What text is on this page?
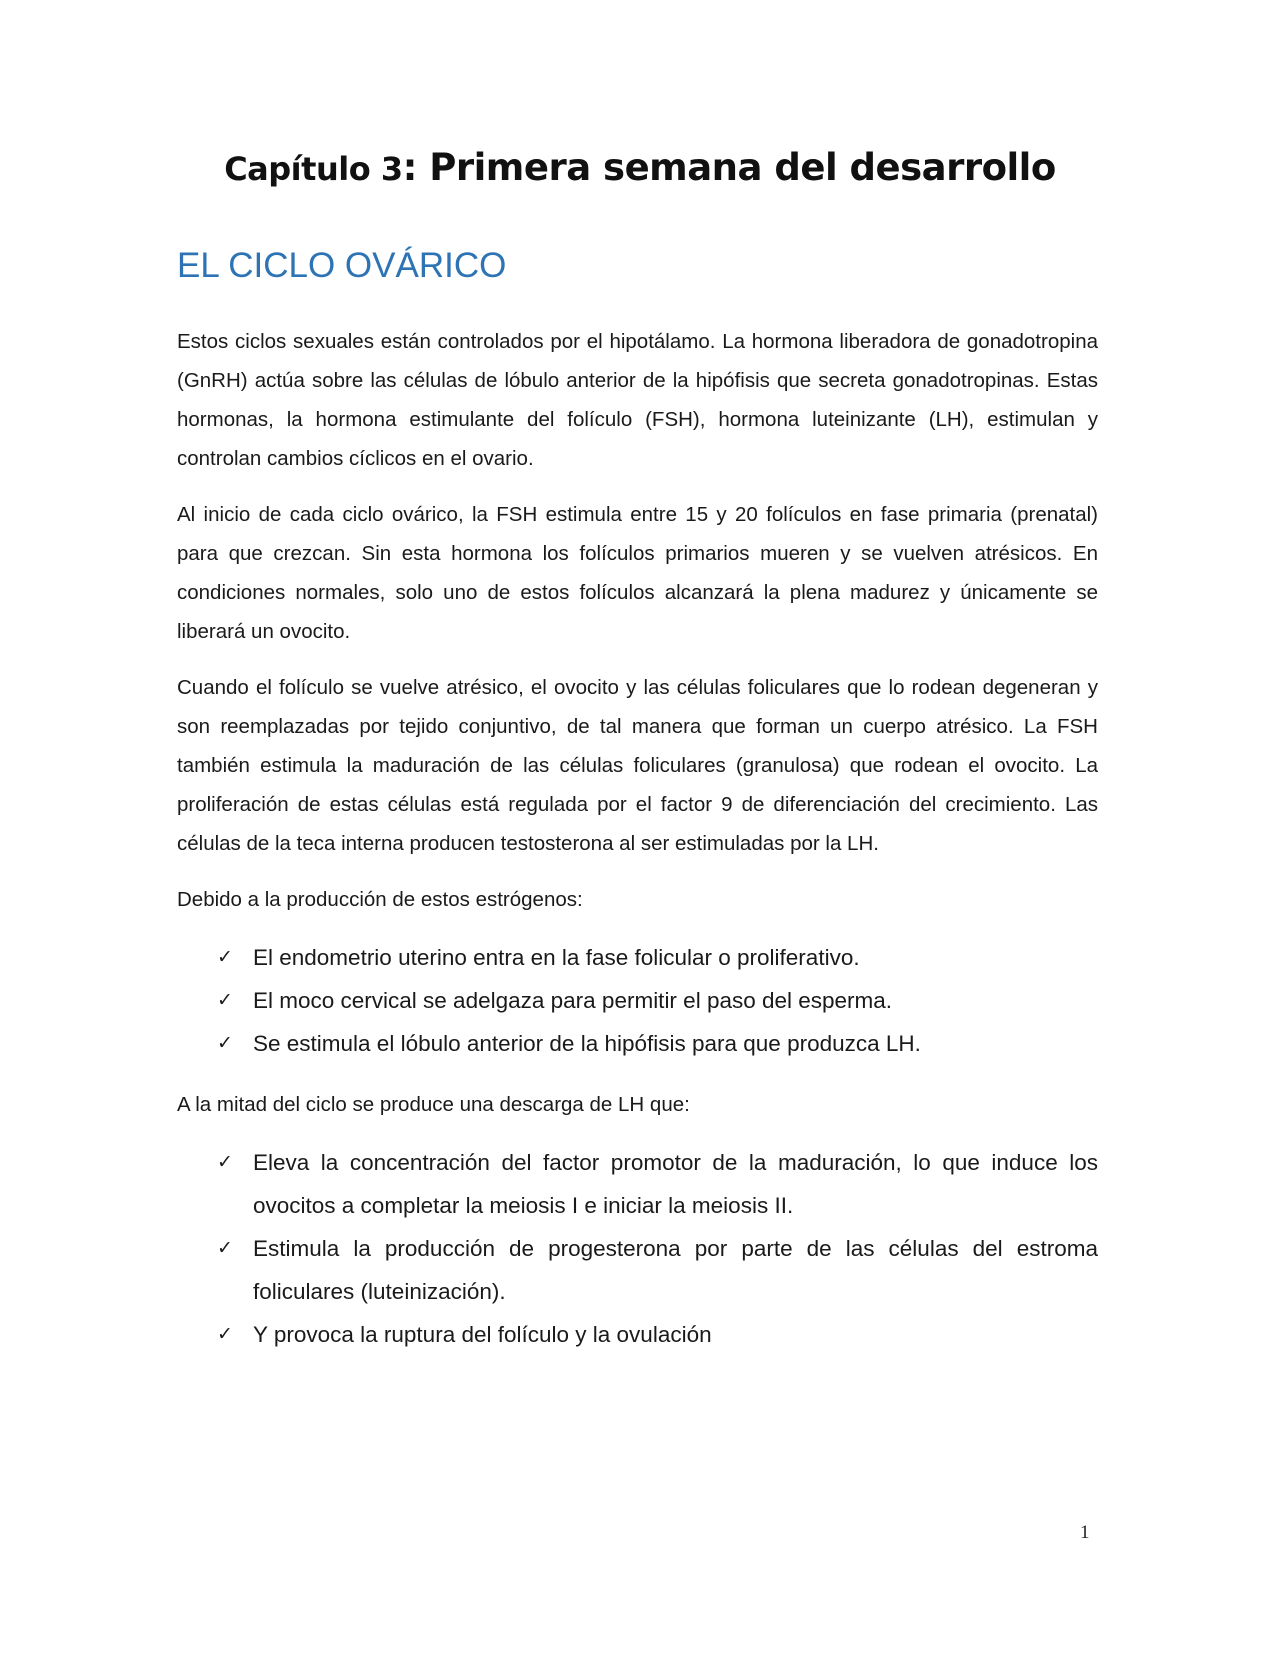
Capítulo 3: Primera semana del desarrollo
EL CICLO OVÁRICO

Estos ciclos sexuales están controlados por el hipotálamo. La hormona liberadora de gonadotropina (GnRH) actúa sobre las células de lóbulo anterior de la hipófisis que secreta gonadotropinas. Estas hormonas, la hormona estimulante del folículo (FSH), hormona luteinizante (LH), estimulan y controlan cambios cíclicos en el ovario.

Al inicio de cada ciclo ovárico, la FSH estimula entre 15 y 20 folículos en fase primaria (prenatal) para que crezcan. Sin esta hormona los folículos primarios mueren y se vuelven atrésicos. En condiciones normales, solo uno de estos folículos alcanzará la plena madurez y únicamente se liberará un ovocito.

Cuando el folículo se vuelve atrésico, el ovocito y las células foliculares que lo rodean degeneran y son reemplazadas por tejido conjuntivo, de tal manera que forman un cuerpo atrésico. La FSH también estimula la maduración de las células foliculares (granulosa) que rodean el ovocito. La proliferación de estas células está regulada por el factor 9 de diferenciación del crecimiento. Las células de la teca interna producen testosterona al ser estimuladas por la LH.

Debido a la producción de estos estrógenos:

✓ El endometrio uterino entra en la fase folicular o proliferativo.
✓ El moco cervical se adelgaza para permitir el paso del esperma.
✓ Se estimula el lóbulo anterior de la hipófisis para que produzca LH.

A la mitad del ciclo se produce una descarga de LH que:

✓ Eleva la concentración del factor promotor de la maduración, lo que induce los ovocitos a completar la meiosis I e iniciar la meiosis II.
✓ Estimula la producción de progesterona por parte de las células del estroma foliculares (luteinización).
✓ Y provoca la ruptura del folículo y la ovulación
1
